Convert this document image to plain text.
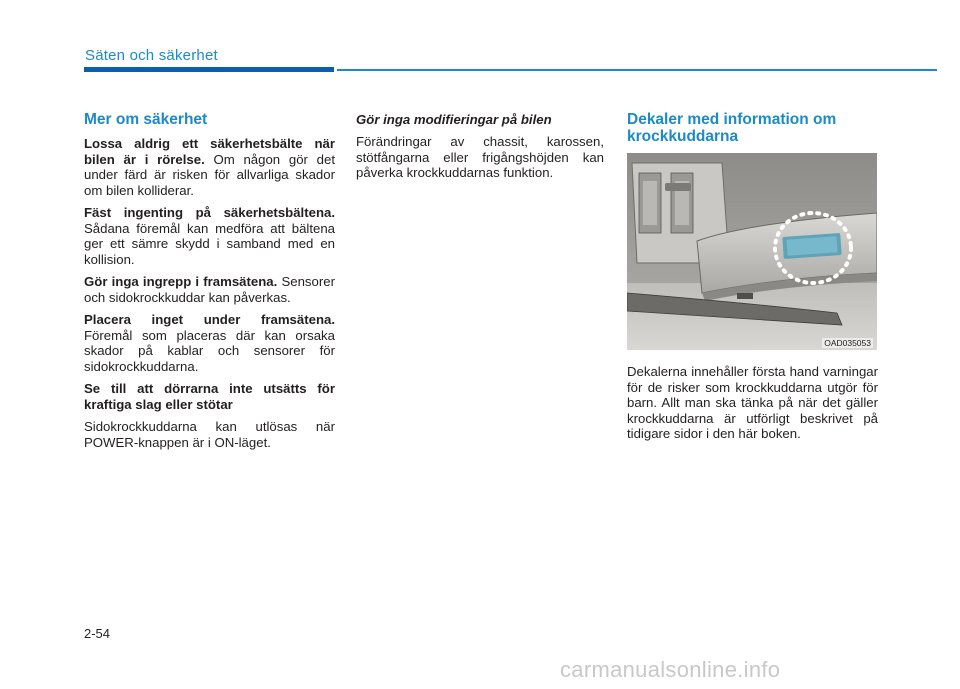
Säten och säkerhet
Mer om säkerhet

Lossa aldrig ett säkerhetsbälte när bilen är i rörelse. Om någon gör det under färd är risken för allvarliga skador om bilen kolliderar.

Fäst ingenting på säkerhetsbältena. Sådana föremål kan medföra att bältena ger ett sämre skydd i samband med en kollision.

Gör inga ingrepp i framsätena. Sensorer och sidokrockkuddar kan påverkas.

Placera inget under framsätena. Föremål som placeras där kan orsaka skador på kablar och sensorer för sidokrockkuddarna.

Se till att dörrarna inte utsätts för kraftiga slag eller stötar

Sidokrockkuddarna kan utlösas när POWER-knappen är i ON-läget.

Gör inga modifieringar på bilen

Förändringar av chassit, karossen, stötfångarna eller frigångshöjden kan påverka krockkuddarnas funktion.

Dekaler med information om krockkuddarna
OAD035053

Dekalerna innehåller första hand varningar för de risker som krockkuddarna utgör för barn. Allt man ska tänka på när det gäller krockkuddarna är utförligt beskrivet på tidigare sidor i den här boken.

2-54
carmanualsonline.info
